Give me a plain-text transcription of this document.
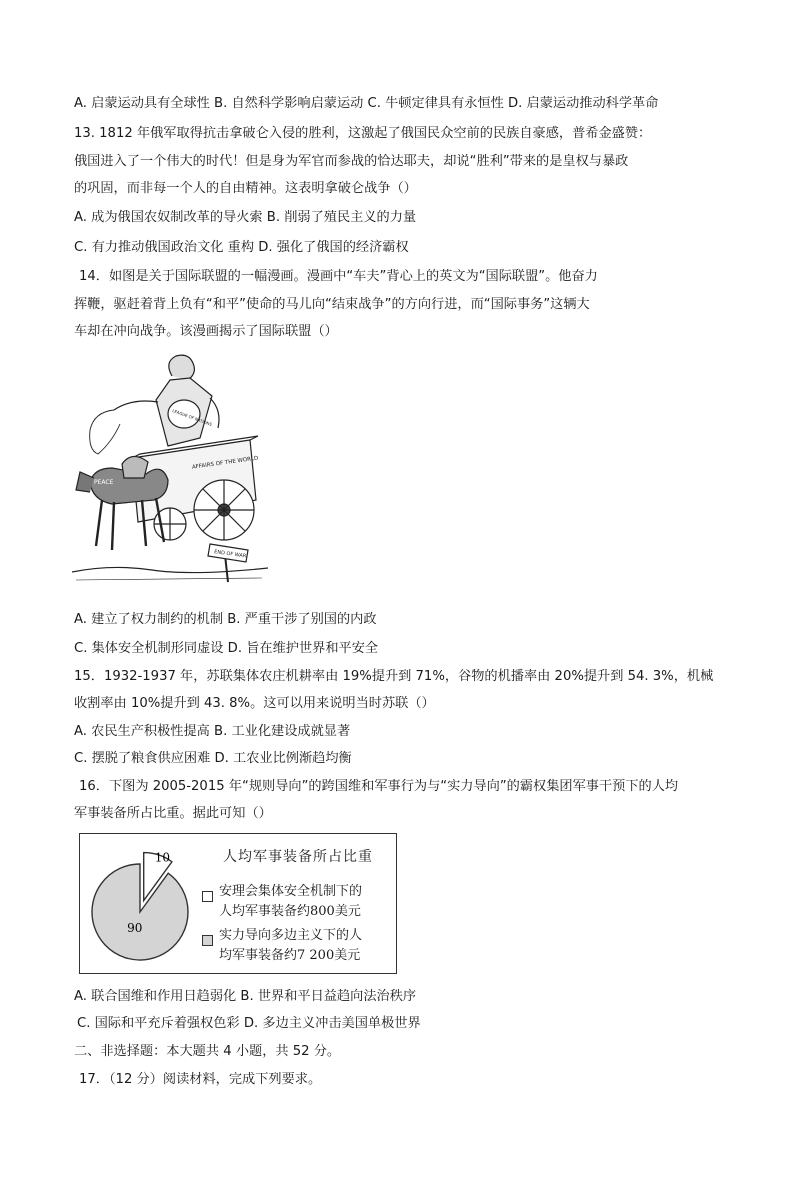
A. 启蒙运动具有全球性 B. 自然科学影响启蒙运动 C. 牛顿定律具有永恒性 D. 启蒙运动推动科学革命
13. 1812 年俄军取得抗击拿破仑入侵的胜利，这激起了俄国民众空前的民族自豪感，普希金盛赞：
俄国进入了一个伟大的时代！但是身为军官而参战的恰达耶夫，却说“胜利”带来的是皇权与暴政
的巩固，而非每一个人的自由精神。这表明拿破仑战争（）
A. 成为俄国农奴制改革的导火索 B. 削弱了殖民主义的力量
C. 有力推动俄国政治文化 重构 D. 强化了俄国的经济霸权
14．如图是关于国际联盟的一幅漫画。漫画中“车夫”背心上的英文为“国际联盟”。他奋力
挥鞭，驱赶着背上负有“和平”使命的马儿向“结束战争”的方向行进，而“国际事务”这辆大
车却在冲向战争。该漫画揭示了国际联盟（）
AFFAIRS OF THE WORLD
LEAGUE OF NATIONS
PEACE
END OF WAR
A. 建立了权力制约的机制 B. 严重干涉了别国的内政
C. 集体安全机制形同虚设 D. 旨在维护世界和平安全
15．1932-1937 年，苏联集体农庄机耕率由 19%提升到 71%，谷物的机播率由 20%提升到 54. 3%，机械
收割率由 10%提升到 43. 8%。这可以用来说明当时苏联（）
A. 农民生产积极性提高 B. 工业化建设成就显著
C. 摆脱了粮食供应困难 D. 工农业比例渐趋均衡
16．下图为 2005-2015 年“规则导向”的跨国维和军事行为与“实力导向”的霸权集团军事干预下的人均
军事装备所占比重。据此可知（）
10
90
人均军事装备所占比重
安理会集体安全机制下的
人均军事装备约800美元
实力导向多边主义下的人
均军事装备约7 200美元
A. 联合国维和作用日趋弱化 B. 世界和平日益趋向法治秩序
C. 国际和平充斥着强权色彩 D. 多边主义冲击美国单极世界
二、非选择题：本大题共 4 小题，共 52 分。
17．（12 分）阅读材料，完成下列要求。
